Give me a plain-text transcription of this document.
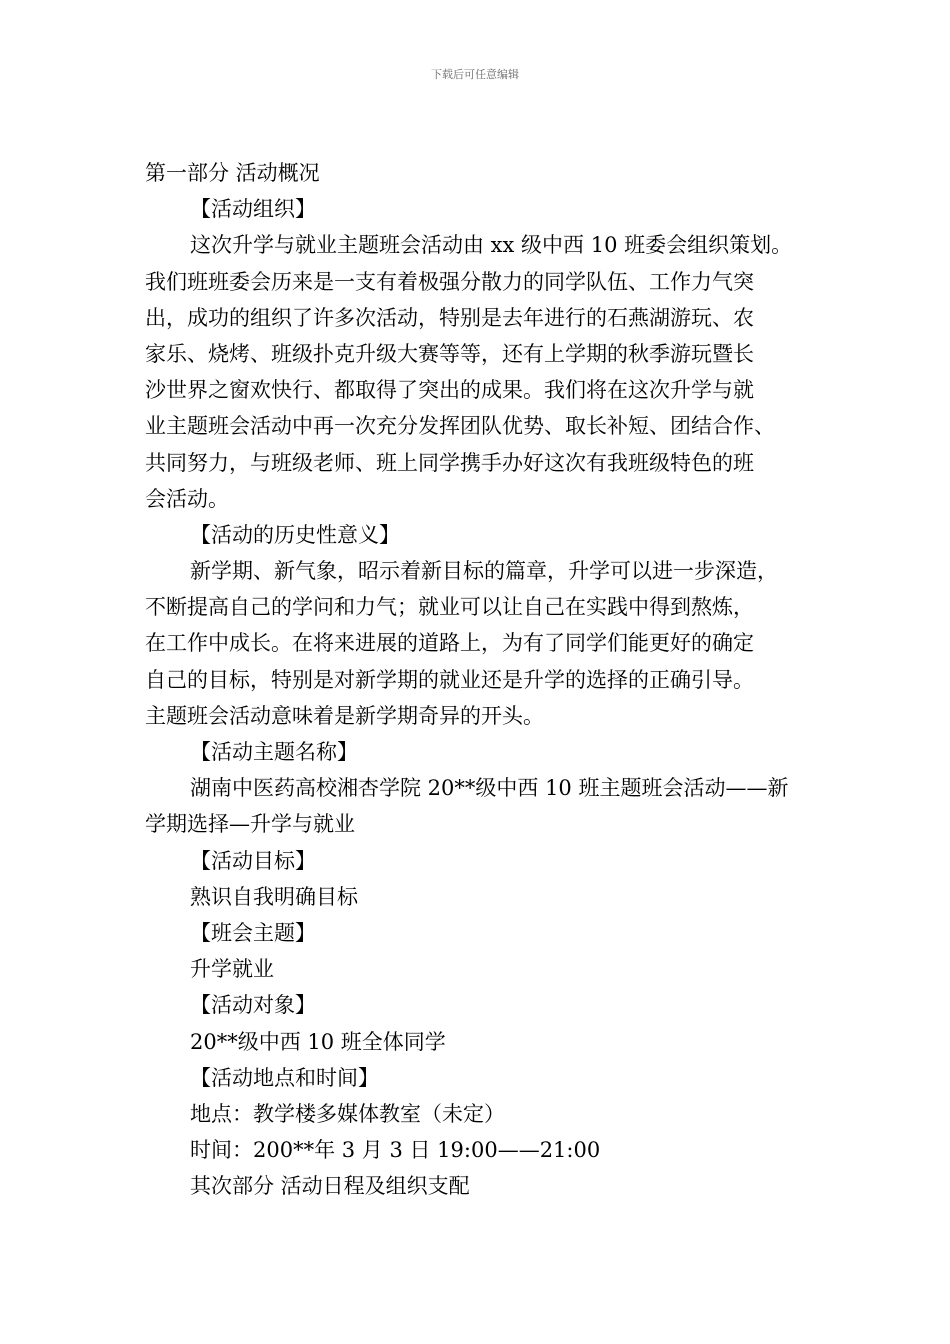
下载后可任意编辑
第一部分 活动概况
【活动组织】
这次升学与就业主题班会活动由 xx 级中西 10 班委会组织策划。
我们班班委会历来是一支有着极强分散力的同学队伍、工作力气突
出，成功的组织了许多次活动，特别是去年进行的石燕湖游玩、农
家乐、烧烤、班级扑克升级大赛等等，还有上学期的秋季游玩暨长
沙世界之窗欢快行、都取得了突出的成果。我们将在这次升学与就
业主题班会活动中再一次充分发挥团队优势、取长补短、团结合作、
共同努力，与班级老师、班上同学携手办好这次有我班级特色的班
会活动。
【活动的历史性意义】
新学期、新气象，昭示着新目标的篇章，升学可以进一步深造，
不断提高自己的学问和力气；就业可以让自己在实践中得到熬炼，
在工作中成长。在将来进展的道路上，为有了同学们能更好的确定
自己的目标，特别是对新学期的就业还是升学的选择的正确引导。
主题班会活动意味着是新学期奇异的开头。
【活动主题名称】
湖南中医药高校湘杏学院 20**级中西 10 班主题班会活动——新
学期选择—升学与就业
【活动目标】
熟识自我明确目标
【班会主题】
升学就业
【活动对象】
20**级中西 10 班全体同学
【活动地点和时间】
地点：教学楼多媒体教室（未定）
时间：200**年 3 月 3 日 19:00——21:00
其次部分 活动日程及组织支配
